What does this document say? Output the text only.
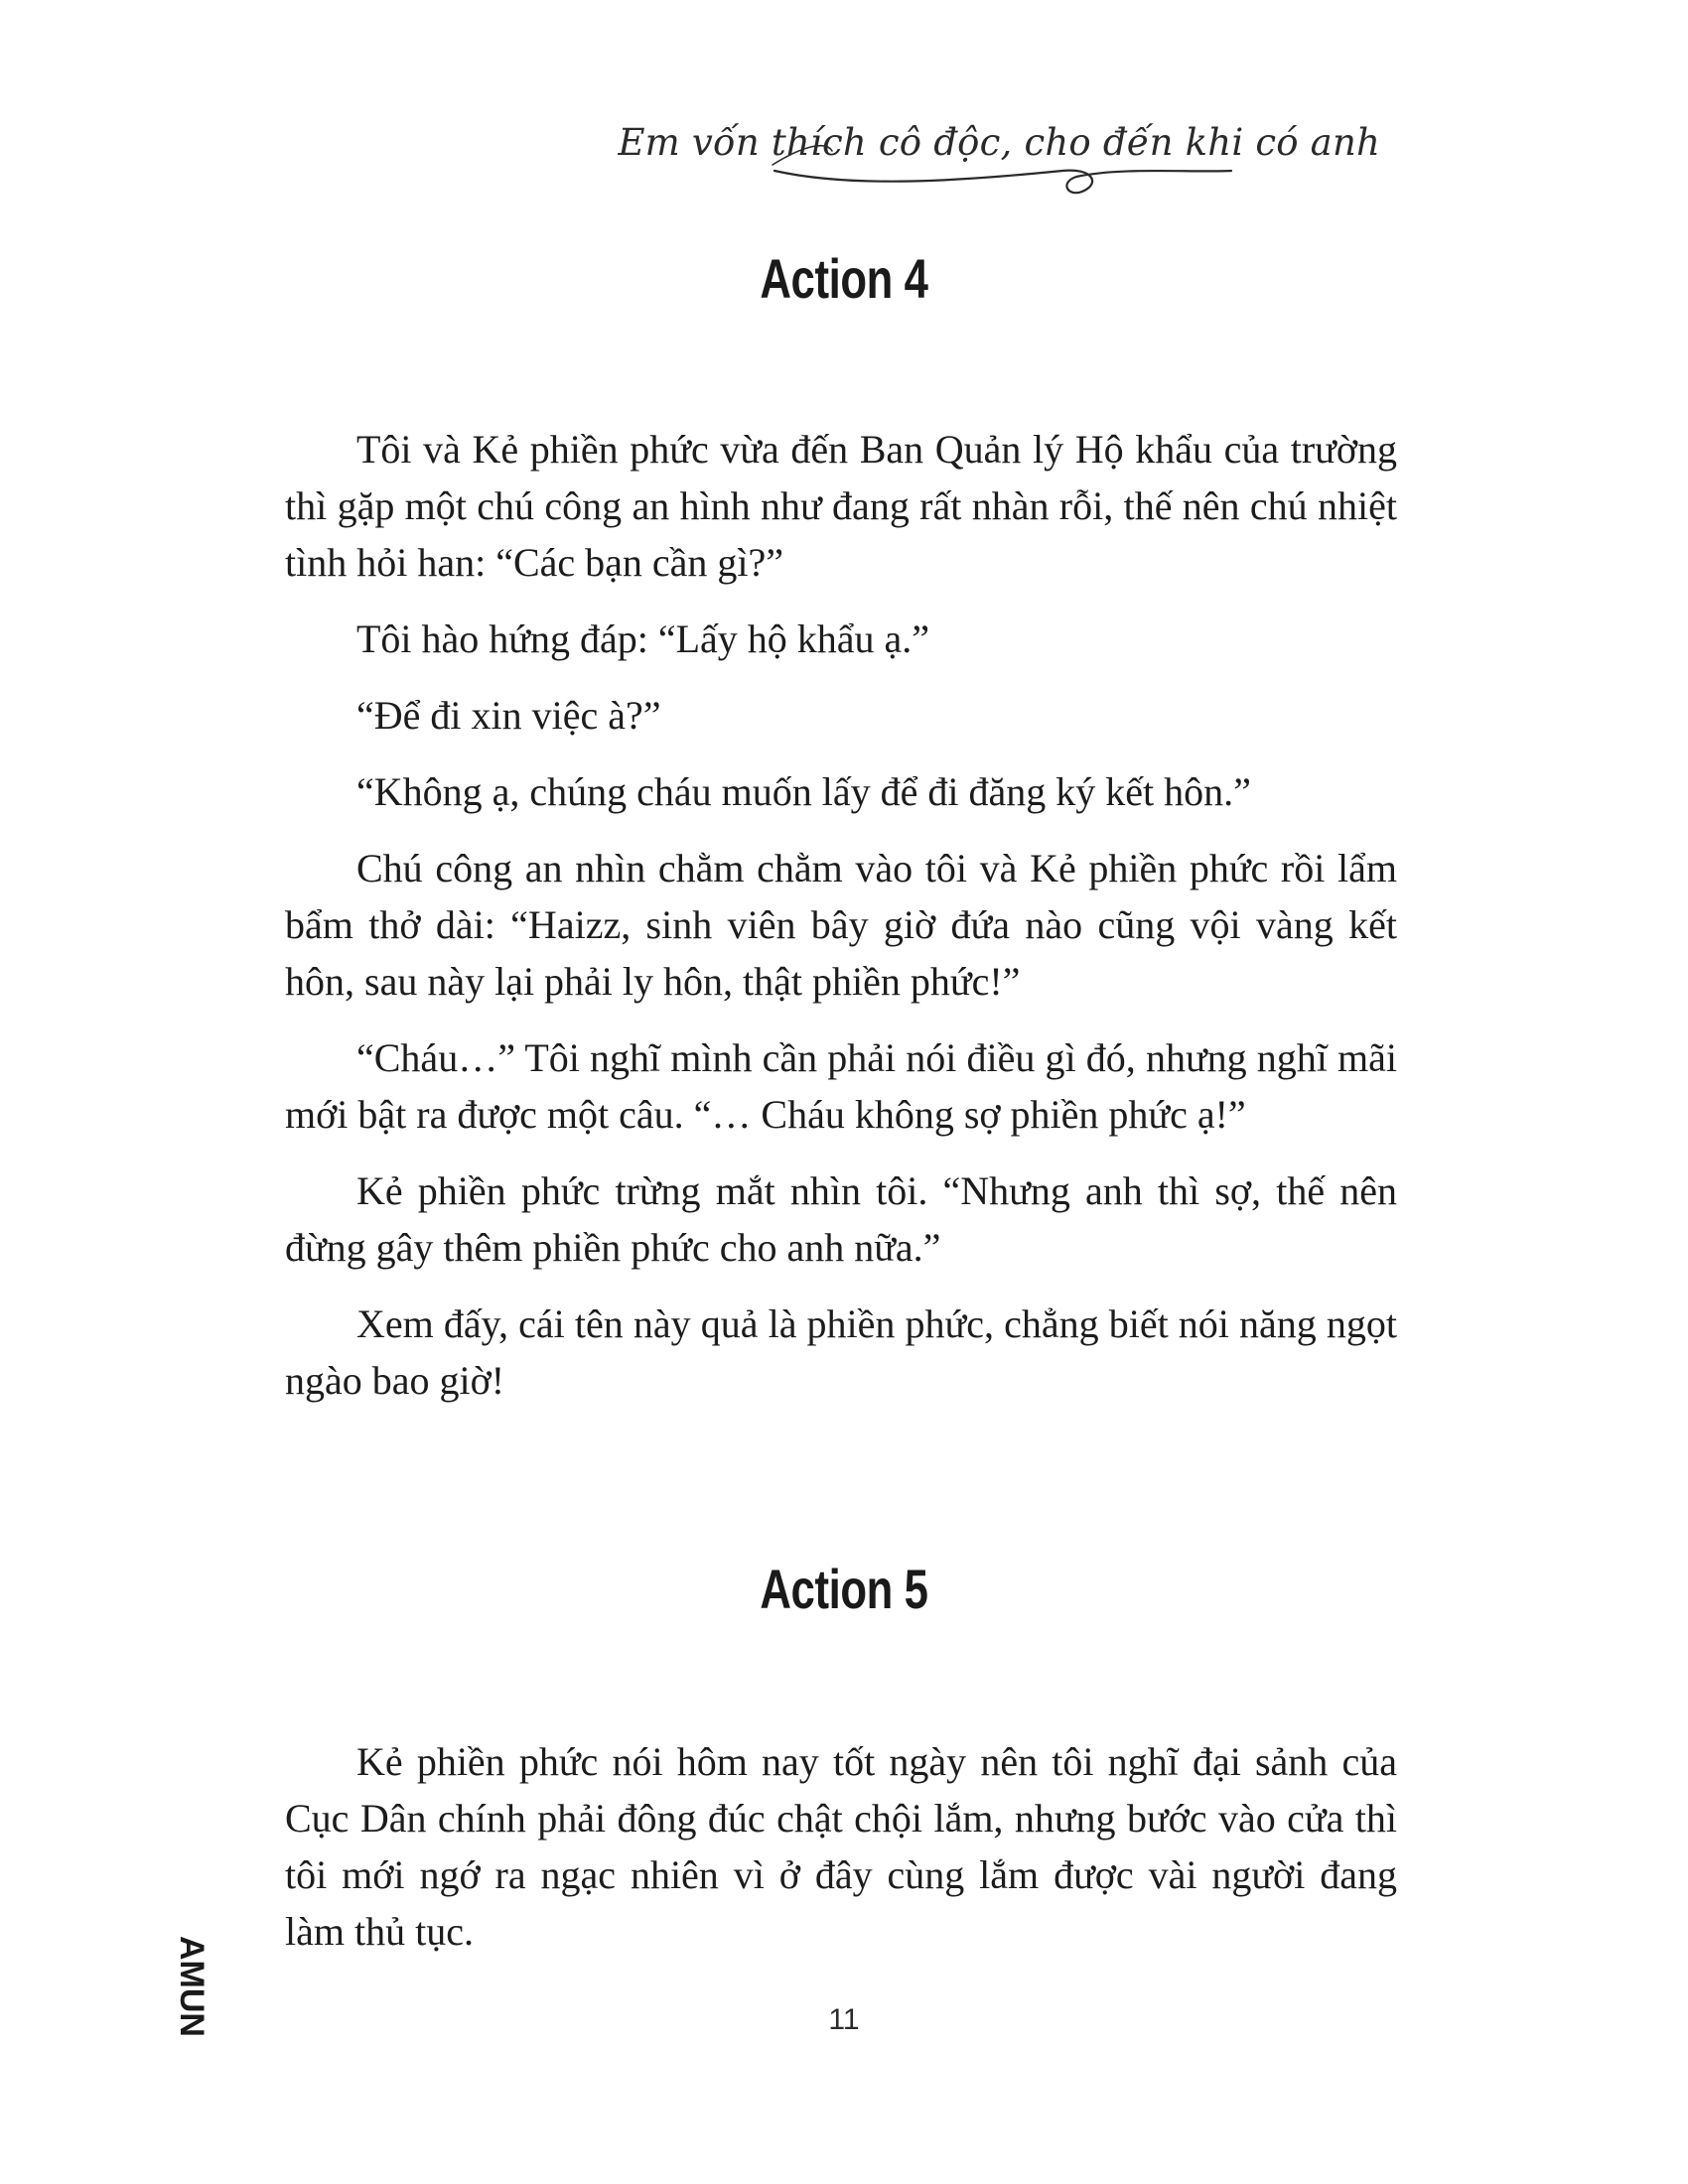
Em vốn thích cô độc, cho đến khi có anh
Action 4

Tôi và Kẻ phiền phức vừa đến Ban Quản lý Hộ khẩu của trường thì gặp một chú công an hình như đang rất nhàn rỗi, thế nên chú nhiệt tình hỏi han: “Các bạn cần gì?”

Tôi hào hứng đáp: “Lấy hộ khẩu ạ.”

“Để đi xin việc à?”

“Không ạ, chúng cháu muốn lấy để đi đăng ký kết hôn.”

Chú công an nhìn chằm chằm vào tôi và Kẻ phiền phức rồi lẩm bẩm thở dài: “Haizz, sinh viên bây giờ đứa nào cũng vội vàng kết hôn, sau này lại phải ly hôn, thật phiền phức!”

“Cháu…” Tôi nghĩ mình cần phải nói điều gì đó, nhưng nghĩ mãi mới bật ra được một câu. “… Cháu không sợ phiền phức ạ!”

Kẻ phiền phức trừng mắt nhìn tôi. “Nhưng anh thì sợ, thế nên đừng gây thêm phiền phức cho anh nữa.”

Xem đấy, cái tên này quả là phiền phức, chẳng biết nói năng ngọt ngào bao giờ!

Action 5

Kẻ phiền phức nói hôm nay tốt ngày nên tôi nghĩ đại sảnh của Cục Dân chính phải đông đúc chật chội lắm, nhưng bước vào cửa thì tôi mới ngớ ra ngạc nhiên vì ở đây cùng lắm được vài người đang làm thủ tục.

AMUN	11
